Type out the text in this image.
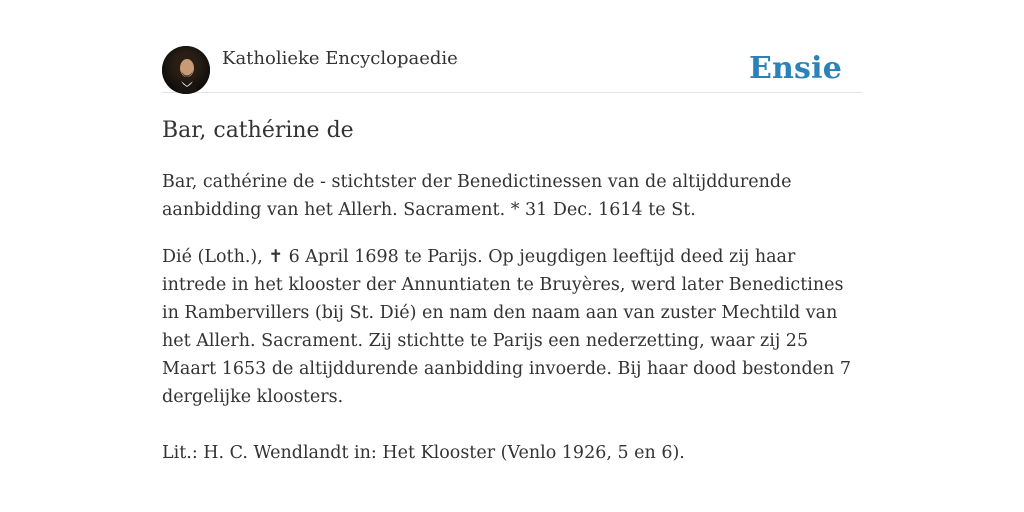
Katholieke Encyclopaedie	Ensie
Bar, cathérine de

Bar, cathérine de - stichtster der Benedictinessen van de altijddurende aanbidding van het Allerh. Sacrament. * 31 Dec. 1614 te St.

Dié (Loth.), ✝ 6 April 1698 te Parijs. Op jeugdigen leeftijd deed zij haar intrede in het klooster der Annuntiaten te Bruyères, werd later Benedictines in Rambervillers (bij St. Dié) en nam den naam aan van zuster Mechtild van het Allerh. Sacrament. Zij stichtte te Parijs een nederzetting, waar zij 25 Maart 1653 de altijddurende aanbidding invoerde. Bij haar dood bestonden 7 dergelijke kloosters.

Lit.: H. C. Wendlandt in: Het Klooster (Venlo 1926, 5 en 6).
